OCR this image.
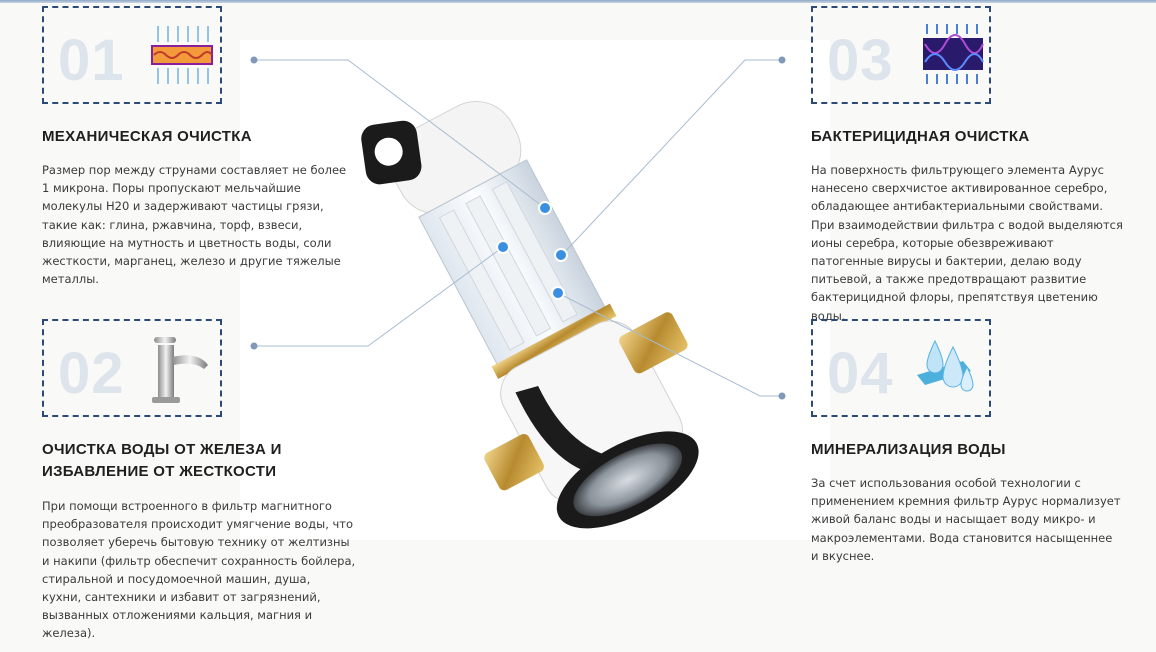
01
МЕХАНИЧЕСКАЯ ОЧИСТКА
Размер пор между струнами составляет не более
1 микрона. Поры пропускают мельчайшие
молекулы Н20 и задерживают частицы грязи,
такие как: глина, ржавчина, торф, взвеси,
влияющие на мутность и цветность воды, соли
жесткости, марганец, железо и другие тяжелые
металлы.
02
ОЧИСТКА ВОДЫ ОТ ЖЕЛЕЗА И
ИЗБАВЛЕНИЕ ОТ ЖЕСТКОСТИ
При помощи встроенного в фильтр магнитного
преобразователя происходит умягчение воды, что
позволяет уберечь бытовую технику от желтизны
и накипи (фильтр обеспечит сохранность бойлера,
стиральной и посудомоечной машин, душа,
кухни, сантехники и избавит от загрязнений,
вызванных отложениями кальция, магния и
железа).
03
БАКТЕРИЦИДНАЯ ОЧИСТКА
На поверхность фильтрующего элемента Аурус
нанесено сверхчистое активированное серебро,
обладающее антибактериальными свойствами.
При взаимодействии фильтра с водой выделяются
ионы серебра, которые обезвреживают
патогенные вирусы и бактерии, делаю воду
питьевой, а также предотвращают развитие
бактерицидной флоры, препятствуя цветению
воды.
04
МИНЕРАЛИЗАЦИЯ ВОДЫ
За счет использования особой технологии с
применением кремния фильтр Аурус нормализует
живой баланс воды и насыщает воду микро- и
макроэлементами. Вода становится насыщеннее
и вкуснее.
